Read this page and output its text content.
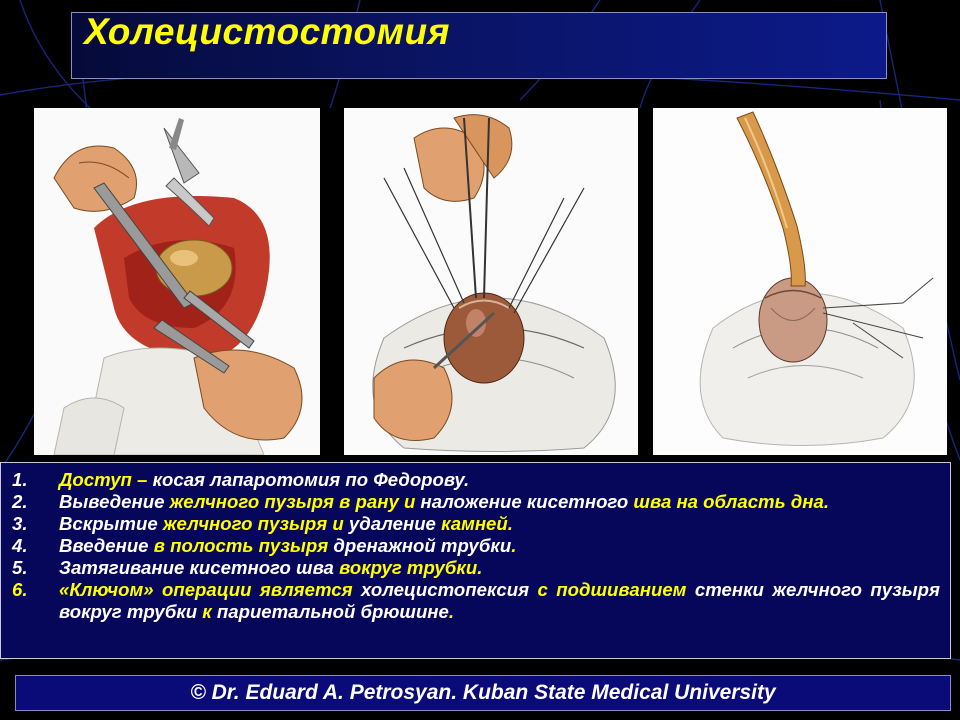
Холецистостомия
1.	Доступ – косая лапаротомия по Федорову.
2.	Выведение желчного пузыря в рану и наложение кисетного шва на область дна.
3.	Вскрытие желчного пузыря и удаление камней.
4.	Введение в полость пузыря дренажной трубки.
5.	Затягивание кисетного шва вокруг трубки.
6.	«Ключом» операции является холецистопексия с подшиванием стенки желчного пузыря вокруг трубки к париетальной брюшине.
© Dr. Eduard A. Petrosyan. Kuban State Medical University
